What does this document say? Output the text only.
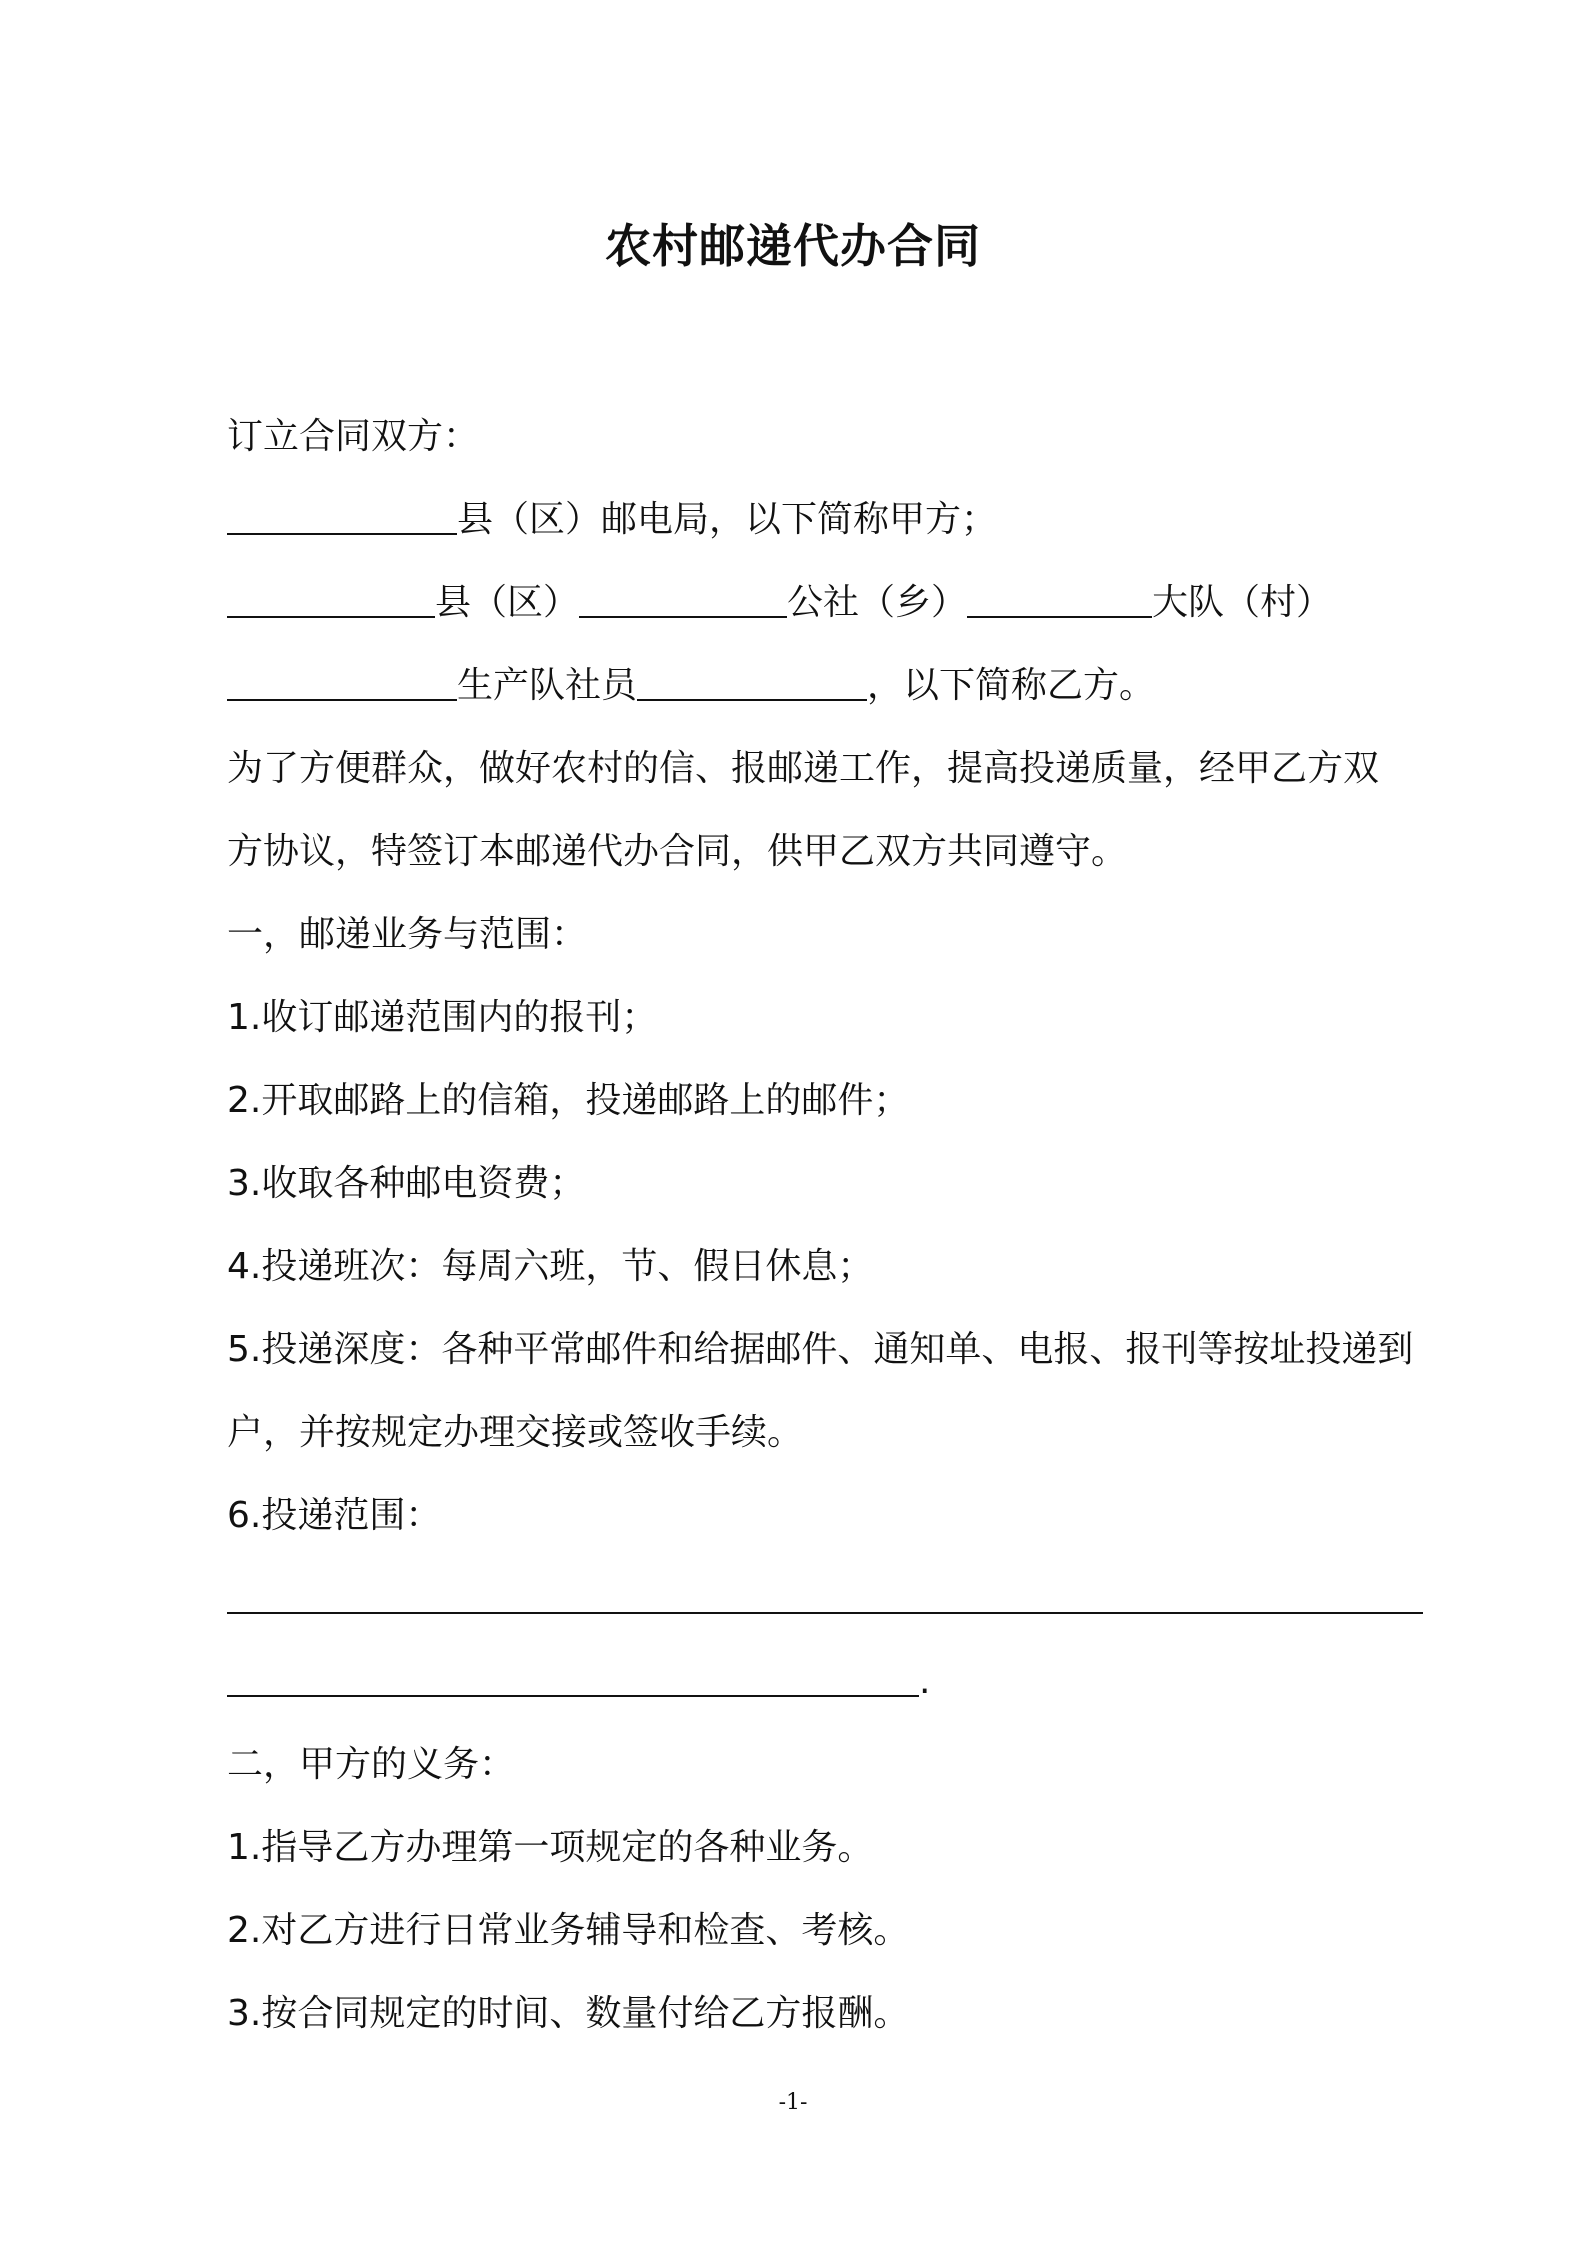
农村邮递代办合同
订立合同双方：
县（区）邮电局，以下简称甲方；
县（区）	公社（乡）	大队（村）
生产队社员	，以下简称乙方。
为了方便群众，做好农村的信、报邮递工作，提高投递质量，经甲乙方双
方协议，特签订本邮递代办合同，供甲乙双方共同遵守。
一，邮递业务与范围：
1.收订邮递范围内的报刊；
2.开取邮路上的信箱，投递邮路上的邮件；
3.收取各种邮电资费；
4.投递班次：每周六班，节、假日休息；
5.投递深度：各种平常邮件和给据邮件、通知单、电报、报刊等按址投递到
户，并按规定办理交接或签收手续。
6.投递范围：
.
二，甲方的义务：
1.指导乙方办理第一项规定的各种业务。
2.对乙方进行日常业务辅导和检查、考核。
3.按合同规定的时间、数量付给乙方报酬。
-1-
